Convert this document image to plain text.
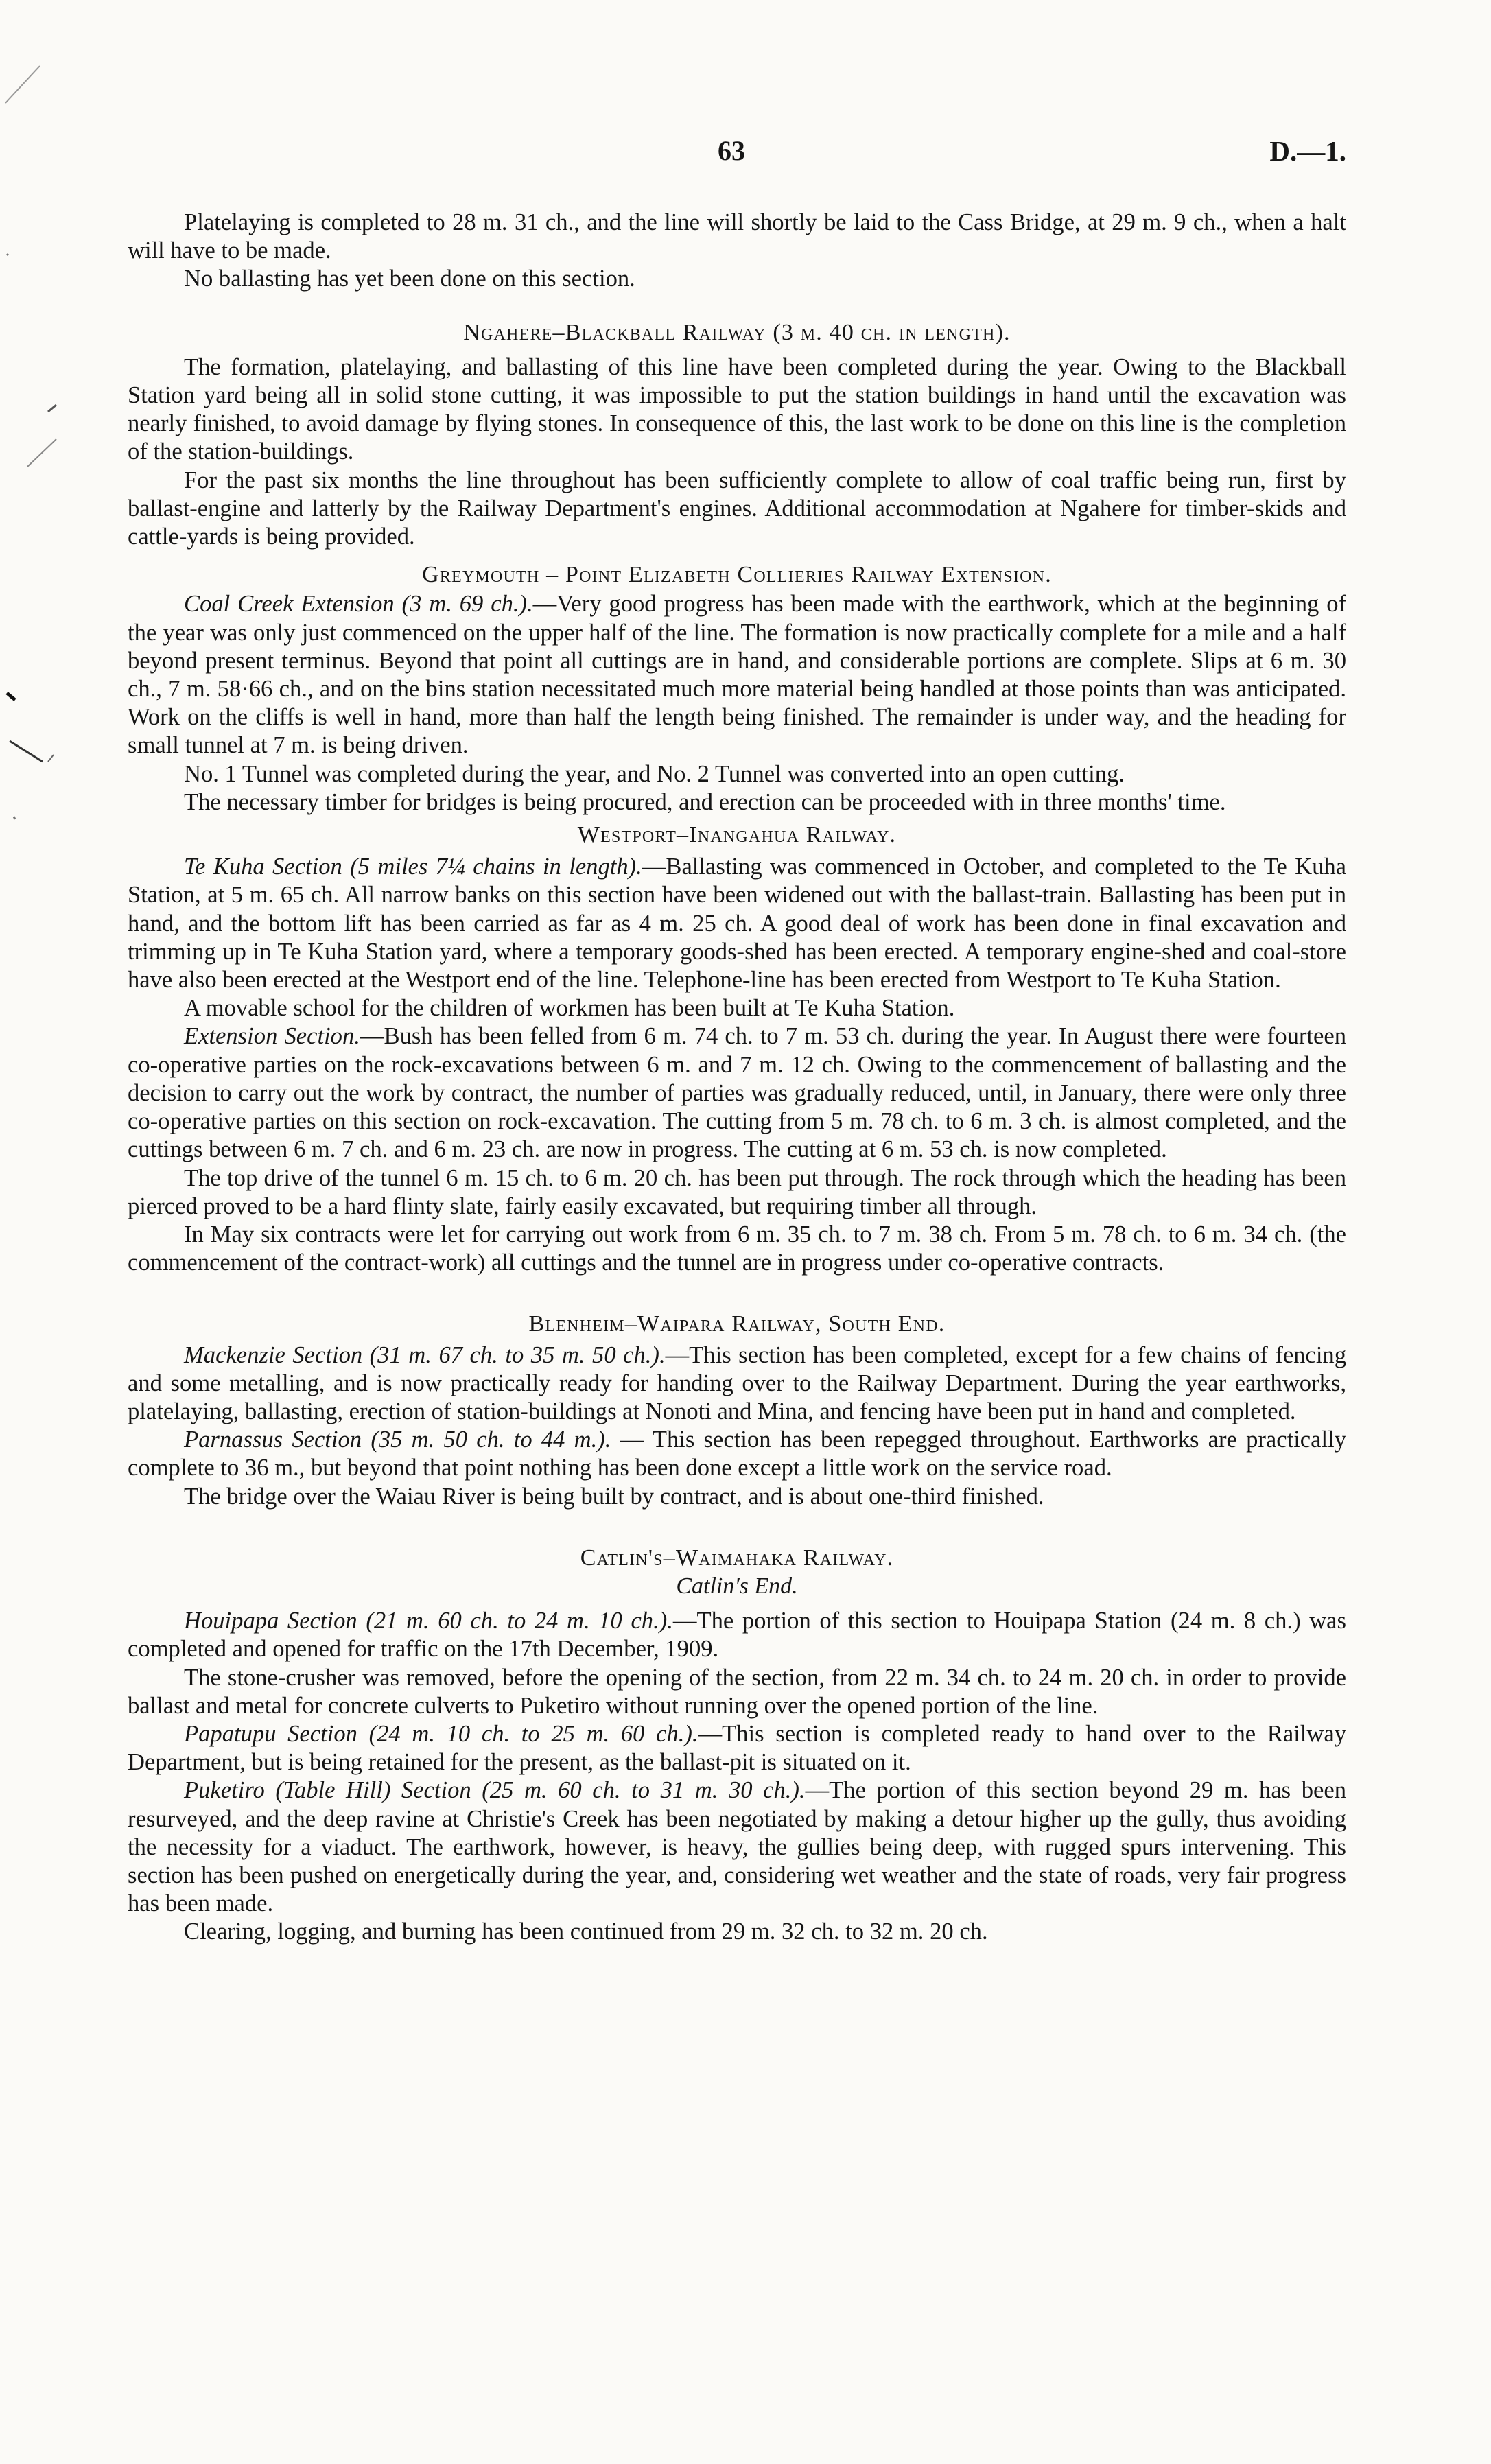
63	D.—1.

Platelaying is completed to 28 m. 31 ch., and the line will shortly be laid to the Cass Bridge, at 29 m. 9 ch., when a halt will have to be made.

No ballasting has yet been done on this section.

Ngahere–Blackball Railway (3 m. 40 ch. in length).

The formation, platelaying, and ballasting of this line have been completed during the year. Owing to the Blackball Station yard being all in solid stone cutting, it was impossible to put the station buildings in hand until the excavation was nearly finished, to avoid damage by flying stones. In consequence of this, the last work to be done on this line is the completion of the station-buildings.

For the past six months the line throughout has been sufficiently complete to allow of coal traffic being run, first by ballast-engine and latterly by the Railway Department's engines. Additional accommodation at Ngahere for timber-skids and cattle-yards is being provided.

Greymouth – Point Elizabeth Collieries Railway Extension.

Coal Creek Extension (3 m. 69 ch.).—Very good progress has been made with the earthwork, which at the beginning of the year was only just commenced on the upper half of the line. The formation is now practically complete for a mile and a half beyond present terminus. Beyond that point all cuttings are in hand, and considerable portions are complete. Slips at 6 m. 30 ch., 7 m. 58·66 ch., and on the bins station necessitated much more material being handled at those points than was anticipated. Work on the cliffs is well in hand, more than half the length being finished. The remainder is under way, and the heading for small tunnel at 7 m. is being driven.

No. 1 Tunnel was completed during the year, and No. 2 Tunnel was converted into an open cutting.

The necessary timber for bridges is being procured, and erection can be proceeded with in three months' time.

Westport–Inangahua Railway.

Te Kuha Section (5 miles 7¼ chains in length).—Ballasting was commenced in October, and completed to the Te Kuha Station, at 5 m. 65 ch. All narrow banks on this section have been widened out with the ballast-train. Ballasting has been put in hand, and the bottom lift has been carried as far as 4 m. 25 ch. A good deal of work has been done in final excavation and trimming up in Te Kuha Station yard, where a temporary goods-shed has been erected. A temporary engine-shed and coal-store have also been erected at the Westport end of the line. Telephone-line has been erected from Westport to Te Kuha Station.

A movable school for the children of workmen has been built at Te Kuha Station.

Extension Section.—Bush has been felled from 6 m. 74 ch. to 7 m. 53 ch. during the year. In August there were fourteen co-operative parties on the rock-excavations between 6 m. and 7 m. 12 ch. Owing to the commencement of ballasting and the decision to carry out the work by contract, the number of parties was gradually reduced, until, in January, there were only three co-operative parties on this section on rock-excavation. The cutting from 5 m. 78 ch. to 6 m. 3 ch. is almost completed, and the cuttings between 6 m. 7 ch. and 6 m. 23 ch. are now in progress. The cutting at 6 m. 53 ch. is now completed.

The top drive of the tunnel 6 m. 15 ch. to 6 m. 20 ch. has been put through. The rock through which the heading has been pierced proved to be a hard flinty slate, fairly easily excavated, but requiring timber all through.

In May six contracts were let for carrying out work from 6 m. 35 ch. to 7 m. 38 ch. From 5 m. 78 ch. to 6 m. 34 ch. (the commencement of the contract-work) all cuttings and the tunnel are in progress under co-operative contracts.

Blenheim–Waipara Railway, South End.

Mackenzie Section (31 m. 67 ch. to 35 m. 50 ch.).—This section has been completed, except for a few chains of fencing and some metalling, and is now practically ready for handing over to the Railway Department. During the year earthworks, platelaying, ballasting, erection of station-buildings at Nonoti and Mina, and fencing have been put in hand and completed.

Parnassus Section (35 m. 50 ch. to 44 m.). — This section has been repegged throughout. Earthworks are practically complete to 36 m., but beyond that point nothing has been done except a little work on the service road.

The bridge over the Waiau River is being built by contract, and is about one-third finished.

Catlin's–Waimahaka Railway.
Catlin's End.

Houipapa Section (21 m. 60 ch. to 24 m. 10 ch.).—The portion of this section to Houipapa Station (24 m. 8 ch.) was completed and opened for traffic on the 17th December, 1909.

The stone-crusher was removed, before the opening of the section, from 22 m. 34 ch. to 24 m. 20 ch. in order to provide ballast and metal for concrete culverts to Puketiro without running over the opened portion of the line.

Papatupu Section (24 m. 10 ch. to 25 m. 60 ch.).—This section is completed ready to hand over to the Railway Department, but is being retained for the present, as the ballast-pit is situated on it.

Puketiro (Table Hill) Section (25 m. 60 ch. to 31 m. 30 ch.).—The portion of this section beyond 29 m. has been resurveyed, and the deep ravine at Christie's Creek has been negotiated by making a detour higher up the gully, thus avoiding the necessity for a viaduct. The earthwork, however, is heavy, the gullies being deep, with rugged spurs intervening. This section has been pushed on energetically during the year, and, considering wet weather and the state of roads, very fair progress has been made.

Clearing, logging, and burning has been continued from 29 m. 32 ch. to 32 m. 20 ch.
